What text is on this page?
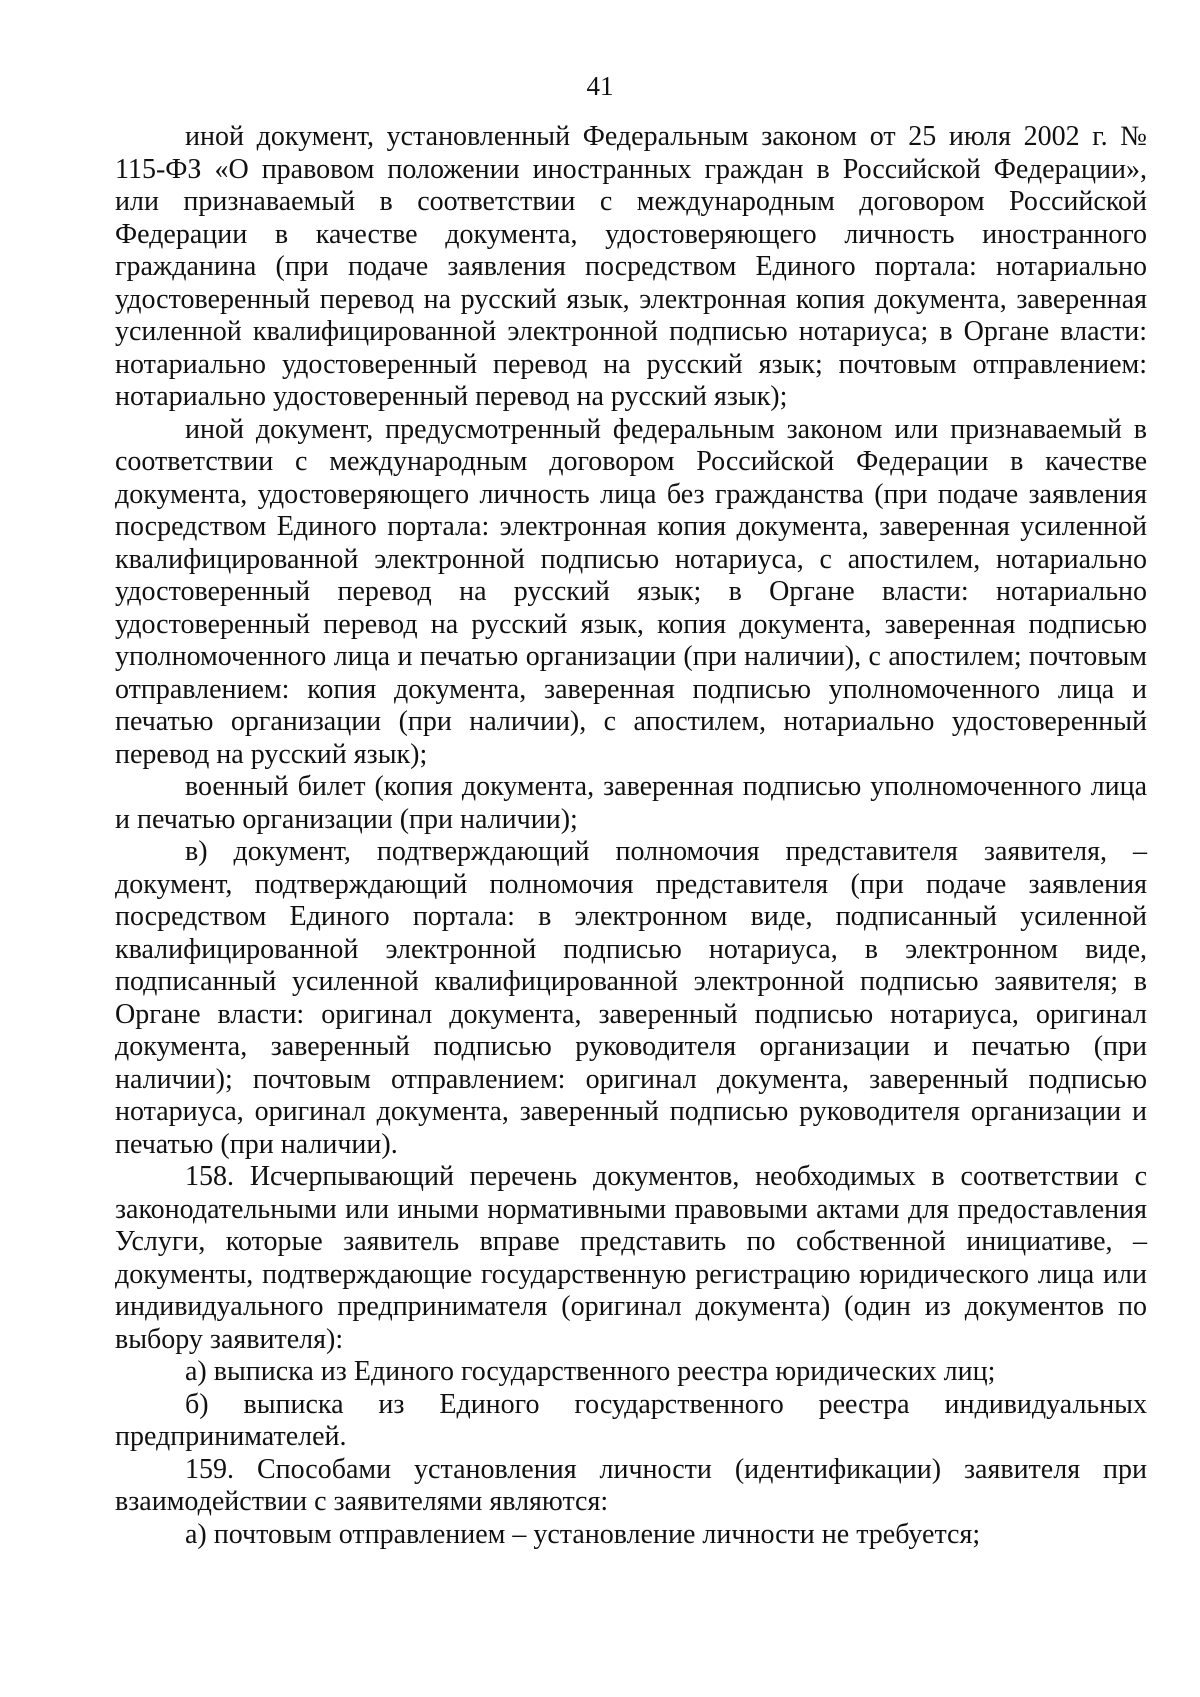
41

иной документ, установленный Федеральным законом от 25 июля 2002 г. № 115-ФЗ «О правовом положении иностранных граждан в Российской Федерации», или признаваемый в соответствии с международным договором Российской Федерации в качестве документа, удостоверяющего личность иностранного гражданина (при подаче заявления посредством Единого портала: нотариально удостоверенный перевод на русский язык, электронная копия документа, заверенная усиленной квалифицированной электронной подписью нотариуса; в Органе власти: нотариально удостоверенный перевод на русский язык; почтовым отправлением: нотариально удостоверенный перевод на русский язык);

иной документ, предусмотренный федеральным законом или признаваемый в соответствии с международным договором Российской Федерации в качестве документа, удостоверяющего личность лица без гражданства (при подаче заявления посредством Единого портала: электронная копия документа, заверенная усиленной квалифицированной электронной подписью нотариуса, с апостилем, нотариально удостоверенный перевод на русский язык; в Органе власти: нотариально удостоверенный перевод на русский язык, копия документа, заверенная подписью уполномоченного лица и печатью организации (при наличии), с апостилем; почтовым отправлением: копия документа, заверенная подписью уполномоченного лица и печатью организации (при наличии), с апостилем, нотариально удостоверенный перевод на русский язык);

военный билет (копия документа, заверенная подписью уполномоченного лица и печатью организации (при наличии);

в) документ, подтверждающий полномочия представителя заявителя, – документ, подтверждающий полномочия представителя (при подаче заявления посредством Единого портала: в электронном виде, подписанный усиленной квалифицированной электронной подписью нотариуса, в электронном виде, подписанный усиленной квалифицированной электронной подписью заявителя; в Органе власти: оригинал документа, заверенный подписью нотариуса, оригинал документа, заверенный подписью руководителя организации и печатью (при наличии); почтовым отправлением: оригинал документа, заверенный подписью нотариуса, оригинал документа, заверенный подписью руководителя организации и печатью (при наличии).

158. Исчерпывающий перечень документов, необходимых в соответствии с законодательными или иными нормативными правовыми актами для предоставления Услуги, которые заявитель вправе представить по собственной инициативе, – документы, подтверждающие государственную регистрацию юридического лица или индивидуального предпринимателя (оригинал документа) (один из документов по выбору заявителя):

а) выписка из Единого государственного реестра юридических лиц;

б) выписка из Единого государственного реестра индивидуальных предпринимателей.

159. Способами установления личности (идентификации) заявителя при взаимодействии с заявителями являются:

а) почтовым отправлением – установление личности не требуется;
